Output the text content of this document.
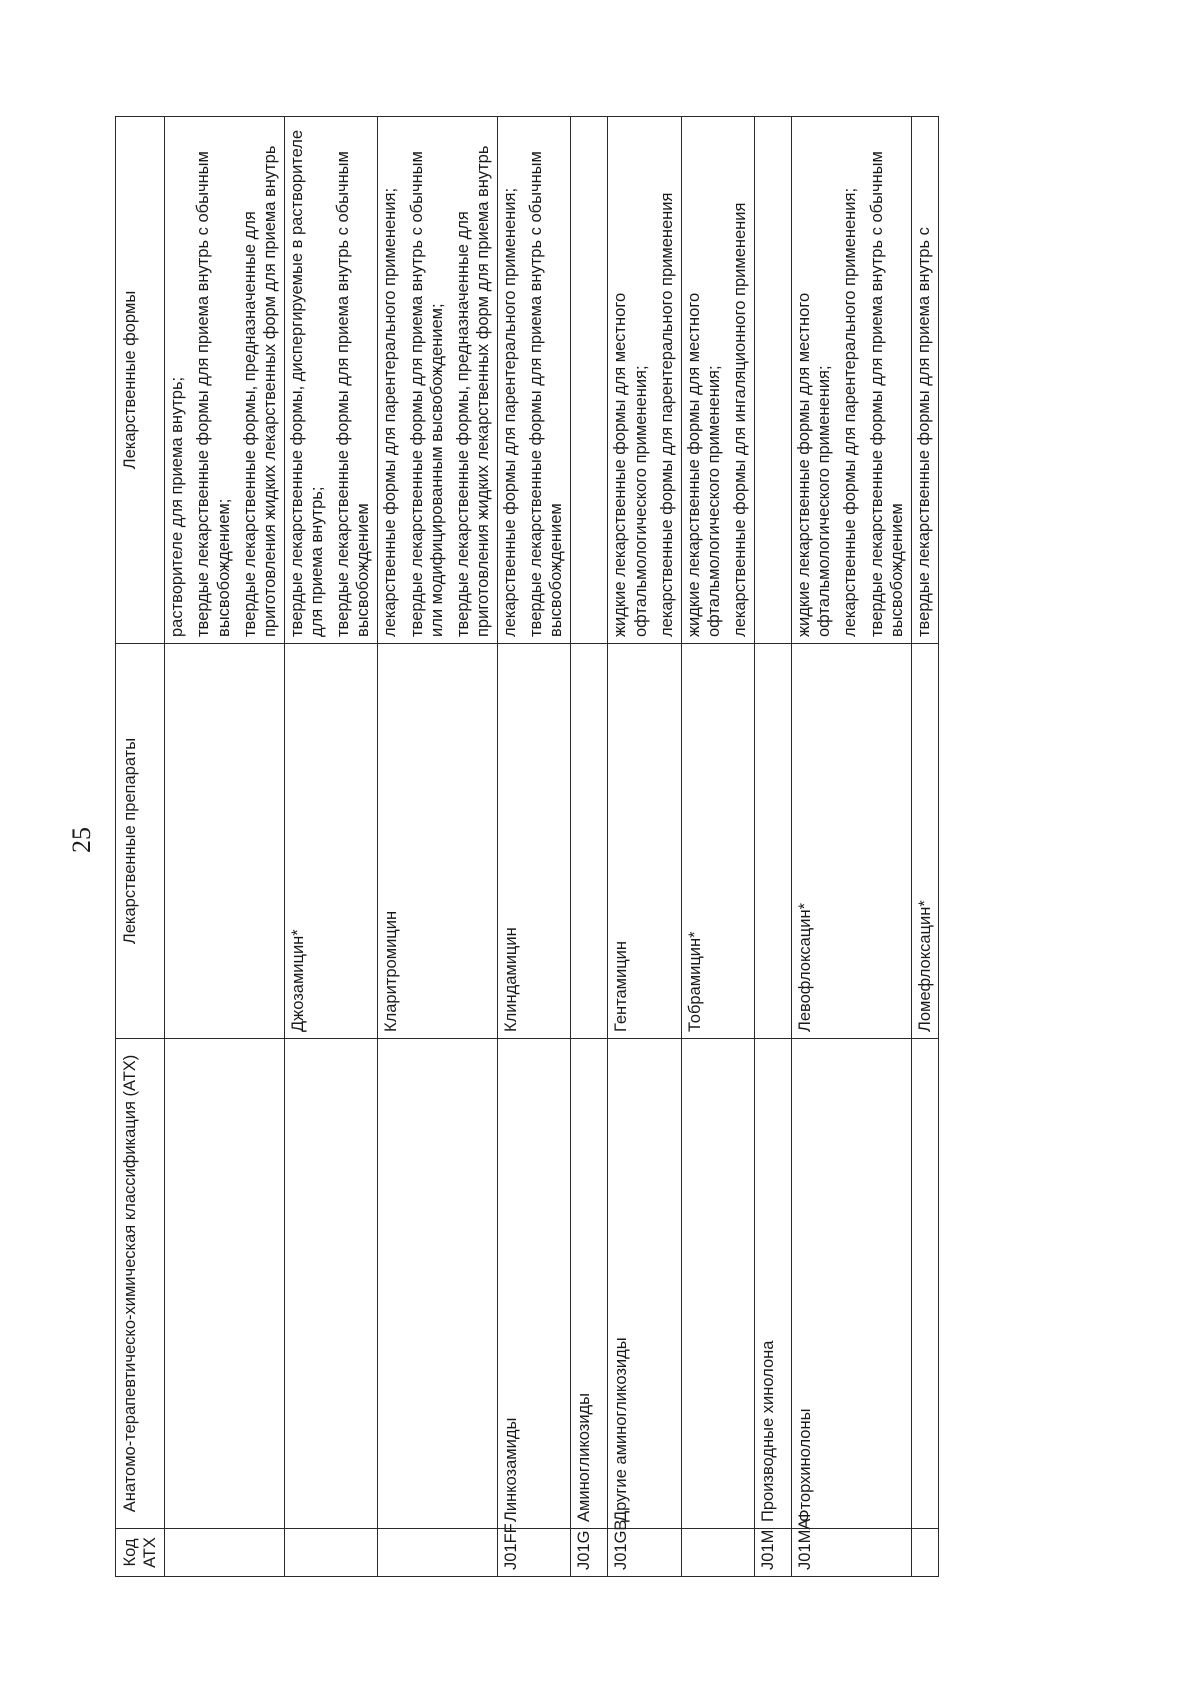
25
Код АТХ	Анатомо-терапевтическо-химическая классификация (АТХ)	Лекарственные препараты	Лекарственные формы

			растворителе для приема внутрь; твердые лекарственные формы для приема внутрь с обычным высвобождением; твердые лекарственные формы, предназначенные для приготовления жидких лекарственных форм для приема внутрь

		Джозамицин*	твердые лекарственные формы, диспергируемые в растворителе для приема внутрь; твердые лекарственные формы для приема внутрь с обычным высвобождением

		Кларитромицин	лекарственные формы для парентерального применения; твердые лекарственные формы для приема внутрь с обычным или модифицированным высвобождением; твердые лекарственные формы, предназначенные для приготовления жидких лекарственных форм для приема внутрь

J01FF	Линкозамиды	Клиндамицин	лекарственные формы для парентерального применения; твердые лекарственные формы для приема внутрь с обычным высвобождением

J01G	Аминогликозиды		
J01GB	Другие аминогликозиды	Гентамицин	жидкие лекарственные формы для местного офтальмологического применения; лекарственные формы для парентерального применения

		Тобрамицин*	жидкие лекарственные формы для местного офтальмологического применения; лекарственные формы для ингаляционного применения

J01M	Производные хинолона		
J01MA	Фторхинолоны	Левофлоксацин*	жидкие лекарственные формы для местного офтальмологического применения; лекарственные формы для парентерального применения; твердые лекарственные формы для приема внутрь с обычным высвобождением

		Ломефлоксацин*	твердые лекарственные формы для приема внутрь с
